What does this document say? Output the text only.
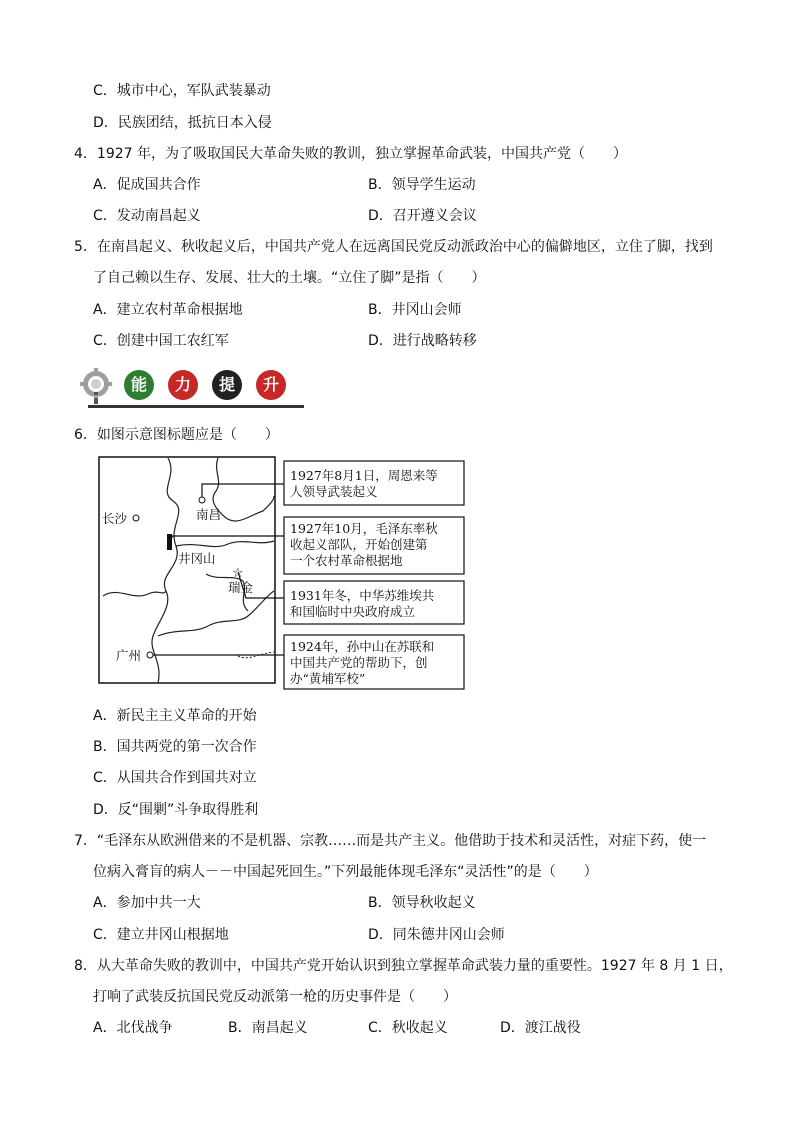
C．城市中心，军队武装暴动
D．民族团结，抵抗日本入侵
4．1927 年，为了吸取国民大革命失败的教训，独立掌握革命武装，中国共产党（　　）
A．促成国共合作	B．领导学生运动
C．发动南昌起义	D．召开遵义会议
5．在南昌起义、秋收起义后，中国共产党人在远离国民党反动派政治中心的偏僻地区，立住了脚，找到
了自己赖以生存、发展、壮大的土壤。“立住了脚”是指（　　）
A．建立农村革命根据地	B．井冈山会师
C．创建中国工农红军	D．进行战略转移
能	力	提	升
6．如图示意图标题应是（　　）
南昌
长沙
井冈山
☆
瑞金
广州
1927年8月1日，周恩来等
人领导武装起义
1927年10月，毛泽东率秋
收起义部队，开始创建第
一个农村革命根据地
1931年冬，中华苏维埃共
和国临时中央政府成立
1924年，孙中山在苏联和
中国共产党的帮助下，创
办“黄埔军校”
A．新民主主义革命的开始
B．国共两党的第一次合作
C．从国共合作到国共对立
D．反“围剿”斗争取得胜利
7．“毛泽东从欧洲借来的不是机器、宗教……而是共产主义。他借助于技术和灵活性，对症下药，使一
位病入膏肓的病人－－中国起死回生。”下列最能体现毛泽东“灵活性”的是（　　）
A．参加中共一大	B．领导秋收起义
C．建立井冈山根据地	D．同朱德井冈山会师
8．从大革命失败的教训中，中国共产党开始认识到独立掌握革命武装力量的重要性。1927 年 8 月 1 日，
打响了武装反抗国民党反动派第一枪的历史事件是（　　）
A．北伐战争	B．南昌起义	C．秋收起义	D．渡江战役
